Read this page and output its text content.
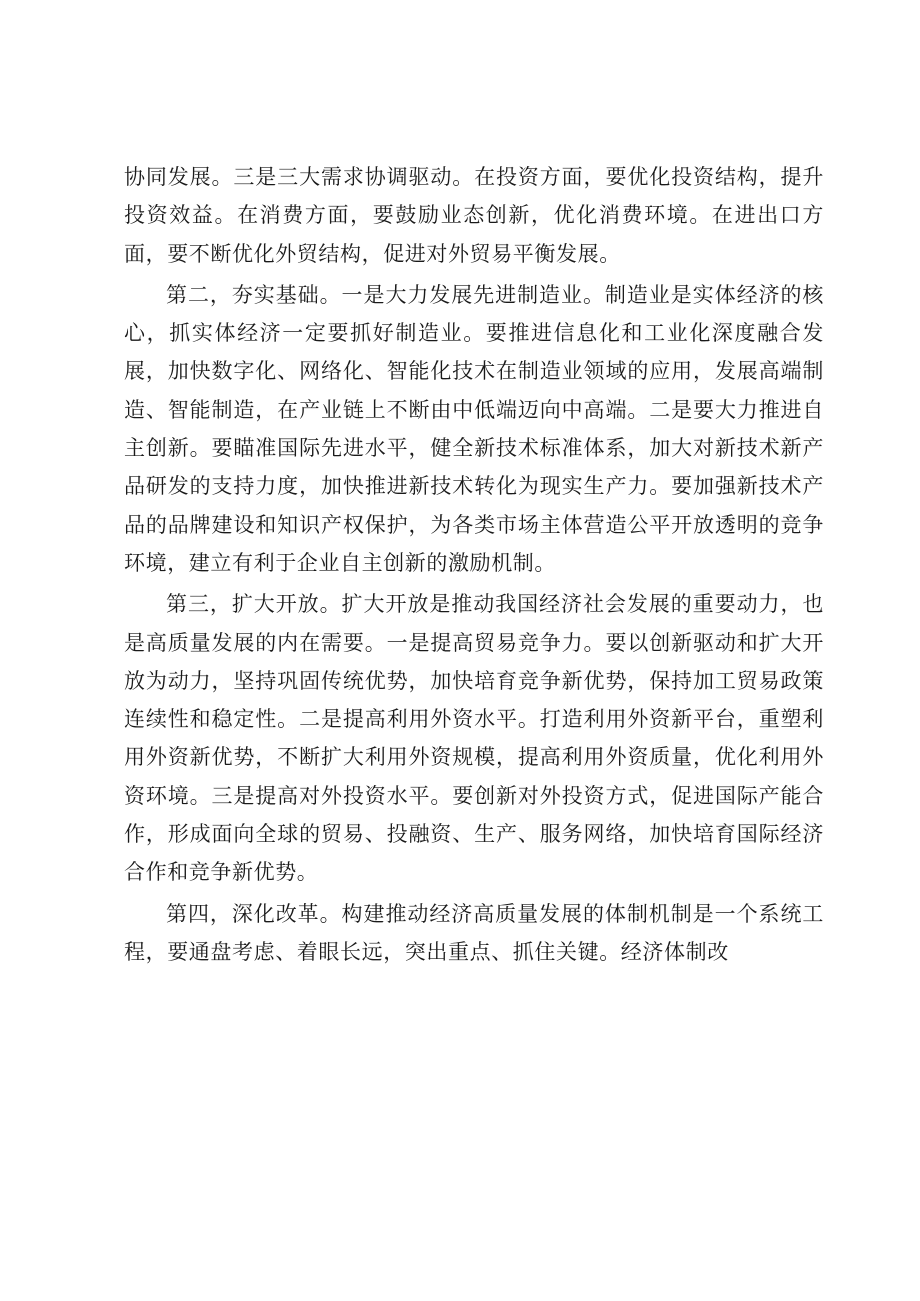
协同发展。三是三大需求协调驱动。在投资方面，要优化投资结构，提升投资效益。在消费方面，要鼓励业态创新，优化消费环境。在进出口方面，要不断优化外贸结构，促进对外贸易平衡发展。

第二，夯实基础。一是大力发展先进制造业。制造业是实体经济的核心，抓实体经济一定要抓好制造业。要推进信息化和工业化深度融合发展，加快数字化、网络化、智能化技术在制造业领域的应用，发展高端制造、智能制造，在产业链上不断由中低端迈向中高端。二是要大力推进自主创新。要瞄准国际先进水平，健全新技术标准体系，加大对新技术新产品研发的支持力度，加快推进新技术转化为现实生产力。要加强新技术产品的品牌建设和知识产权保护，为各类市场主体营造公平开放透明的竞争环境，建立有利于企业自主创新的激励机制。

第三，扩大开放。扩大开放是推动我国经济社会发展的重要动力，也是高质量发展的内在需要。一是提高贸易竞争力。要以创新驱动和扩大开放为动力，坚持巩固传统优势，加快培育竞争新优势，保持加工贸易政策连续性和稳定性。二是提高利用外资水平。打造利用外资新平台，重塑利用外资新优势，不断扩大利用外资规模，提高利用外资质量，优化利用外资环境。三是提高对外投资水平。要创新对外投资方式，促进国际产能合作，形成面向全球的贸易、投融资、生产、服务网络，加快培育国际经济合作和竞争新优势。

第四，深化改革。构建推动经济高质量发展的体制机制是一个系统工程，要通盘考虑、着眼长远，突出重点、抓住关键。经济体制改
